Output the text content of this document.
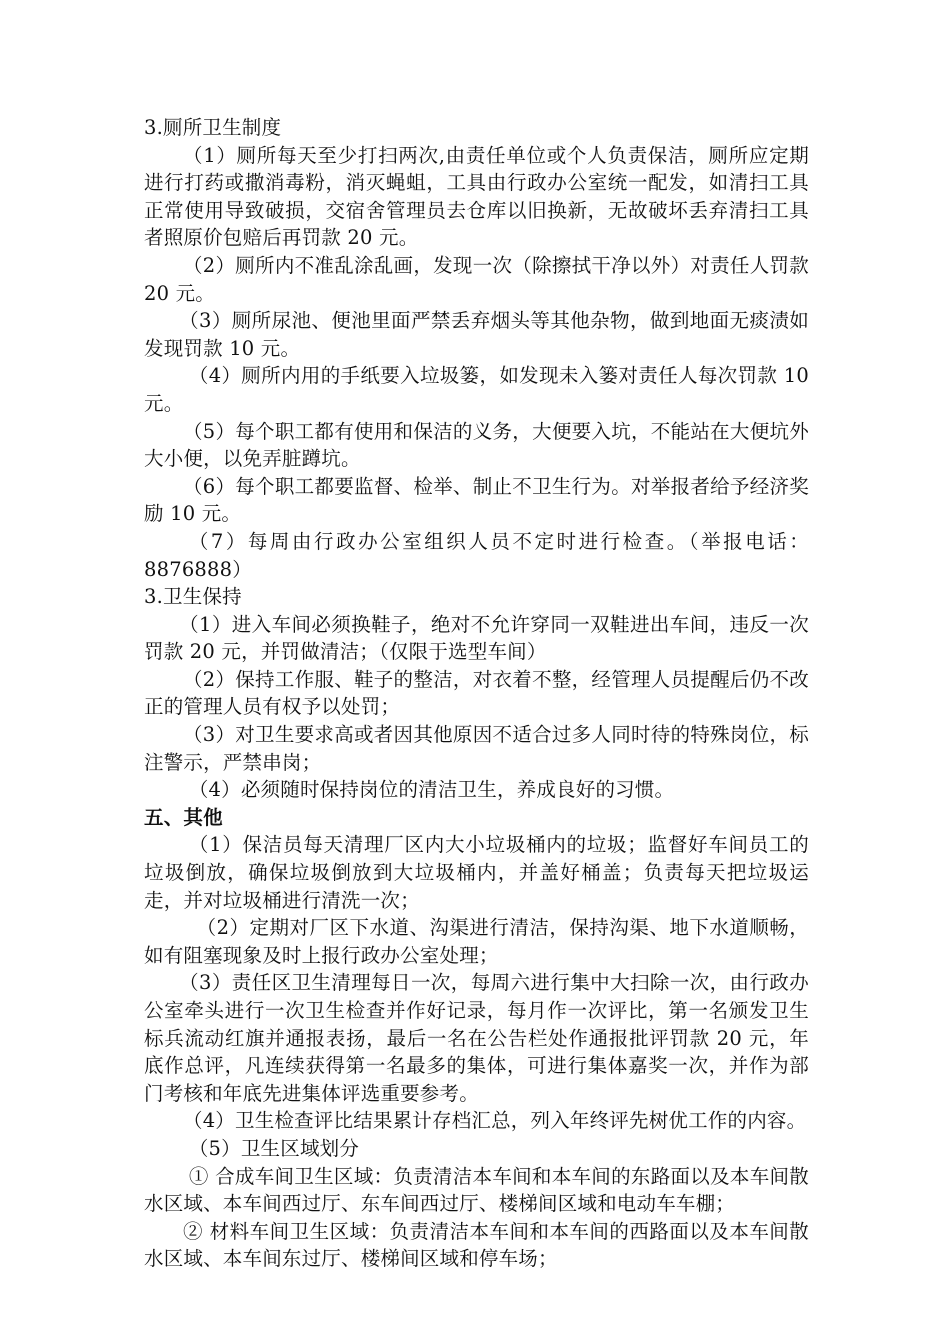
3.厕所卫生制度

（1）厕所每天至少打扫两次,由责任单位或个人负责保洁，厕所应定期进行打药或撒消毒粉，消灭蝇蛆，工具由行政办公室统一配发，如清扫工具正常使用导致破损，交宿舍管理员去仓库以旧换新，无故破坏丢弃清扫工具者照原价包赔后再罚款 20 元。

（2）厕所内不准乱涂乱画，发现一次（除擦拭干净以外）对责任人罚款 20 元。

（3）厕所尿池、便池里面严禁丢弃烟头等其他杂物，做到地面无痰渍如发现罚款 10 元。

（4）厕所内用的手纸要入垃圾篓，如发现未入篓对责任人每次罚款 10 元。

（5）每个职工都有使用和保洁的义务，大便要入坑，不能站在大便坑外大小便，以免弄脏蹲坑。

（6）每个职工都要监督、检举、制止不卫生行为。对举报者给予经济奖励 10 元。

（7）每周由行政办公室组织人员不定时进行检查。（举报电话：8876888）

3.卫生保持

（1）进入车间必须换鞋子，绝对不允许穿同一双鞋进出车间，违反一次罚款 20 元，并罚做清洁；（仅限于选型车间）

（2）保持工作服、鞋子的整洁，对衣着不整，经管理人员提醒后仍不改正的管理人员有权予以处罚；

（3）对卫生要求高或者因其他原因不适合过多人同时待的特殊岗位，标注警示，严禁串岗；

（4）必须随时保持岗位的清洁卫生，养成良好的习惯。

五、其他

（1）保洁员每天清理厂区内大小垃圾桶内的垃圾；监督好车间员工的垃圾倒放，确保垃圾倒放到大垃圾桶内，并盖好桶盖；负责每天把垃圾运走，并对垃圾桶进行清洗一次；

（2）定期对厂区下水道、沟渠进行清洁，保持沟渠、地下水道顺畅，如有阻塞现象及时上报行政办公室处理；

（3）责任区卫生清理每日一次，每周六进行集中大扫除一次，由行政办公室牵头进行一次卫生检查并作好记录，每月作一次评比，第一名颁发卫生标兵流动红旗并通报表扬，最后一名在公告栏处作通报批评罚款 20 元，年底作总评，凡连续获得第一名最多的集体，可进行集体嘉奖一次，并作为部门考核和年底先进集体评选重要参考。

（4）卫生检查评比结果累计存档汇总，列入年终评先树优工作的内容。

（5）卫生区域划分

① 合成车间卫生区域：负责清洁本车间和本车间的东路面以及本车间散水区域、本车间西过厅、东车间西过厅、楼梯间区域和电动车车棚；

② 材料车间卫生区域：负责清洁本车间和本车间的西路面以及本车间散水区域、本车间东过厅、楼梯间区域和停车场；
